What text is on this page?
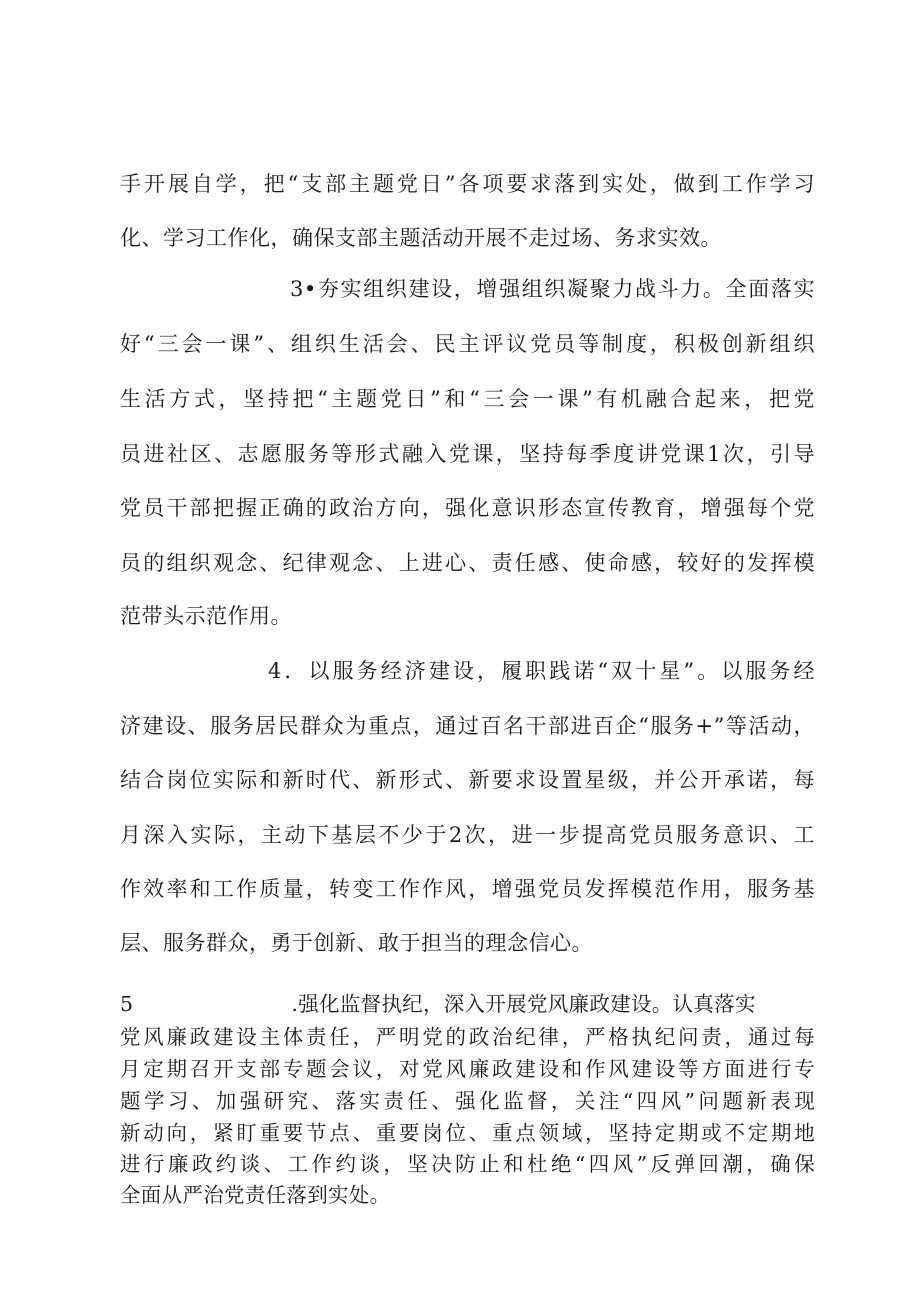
手开展自学，把“支部主题党日”各项要求落到实处，做到工作学习
化、学习工作化，确保支部主题活动开展不走过场、务求实效。
3•夯实组织建设，增强组织凝聚力战斗力。全面落实
好“三会一课”、组织生活会、民主评议党员等制度，积极创新组织
生活方式，坚持把“主题党日”和“三会一课”有机融合起来，把党
员进社区、志愿服务等形式融入党课，坚持每季度讲党课1次，引导
党员干部把握正确的政治方向，强化意识形态宣传教育，增强每个党
员的组织观念、纪律观念、上进心、责任感、使命感，较好的发挥模
范带头示范作用。
4．以服务经济建设，履职践诺“双十星”。以服务经
济建设、服务居民群众为重点，通过百名干部进百企“服务+”等活动，
结合岗位实际和新时代、新形式、新要求设置星级，并公开承诺，每
月深入实际，主动下基层不少于2次，进一步提高党员服务意识、工
作效率和工作质量，转变工作作风，增强党员发挥模范作用，服务基
层、服务群众，勇于创新、敢于担当的理念信心。
5	.强化监督执纪，深入开展党风廉政建设。认真落实
党风廉政建设主体责任，严明党的政治纪律，严格执纪问责，通过每
月定期召开支部专题会议，对党风廉政建设和作风建设等方面进行专
题学习、加强研究、落实责任、强化监督，关注“四风”问题新表现
新动向，紧盯重要节点、重要岗位、重点领域，坚持定期或不定期地
进行廉政约谈、工作约谈，坚决防止和杜绝“四风”反弹回潮，确保
全面从严治党责任落到实处。
